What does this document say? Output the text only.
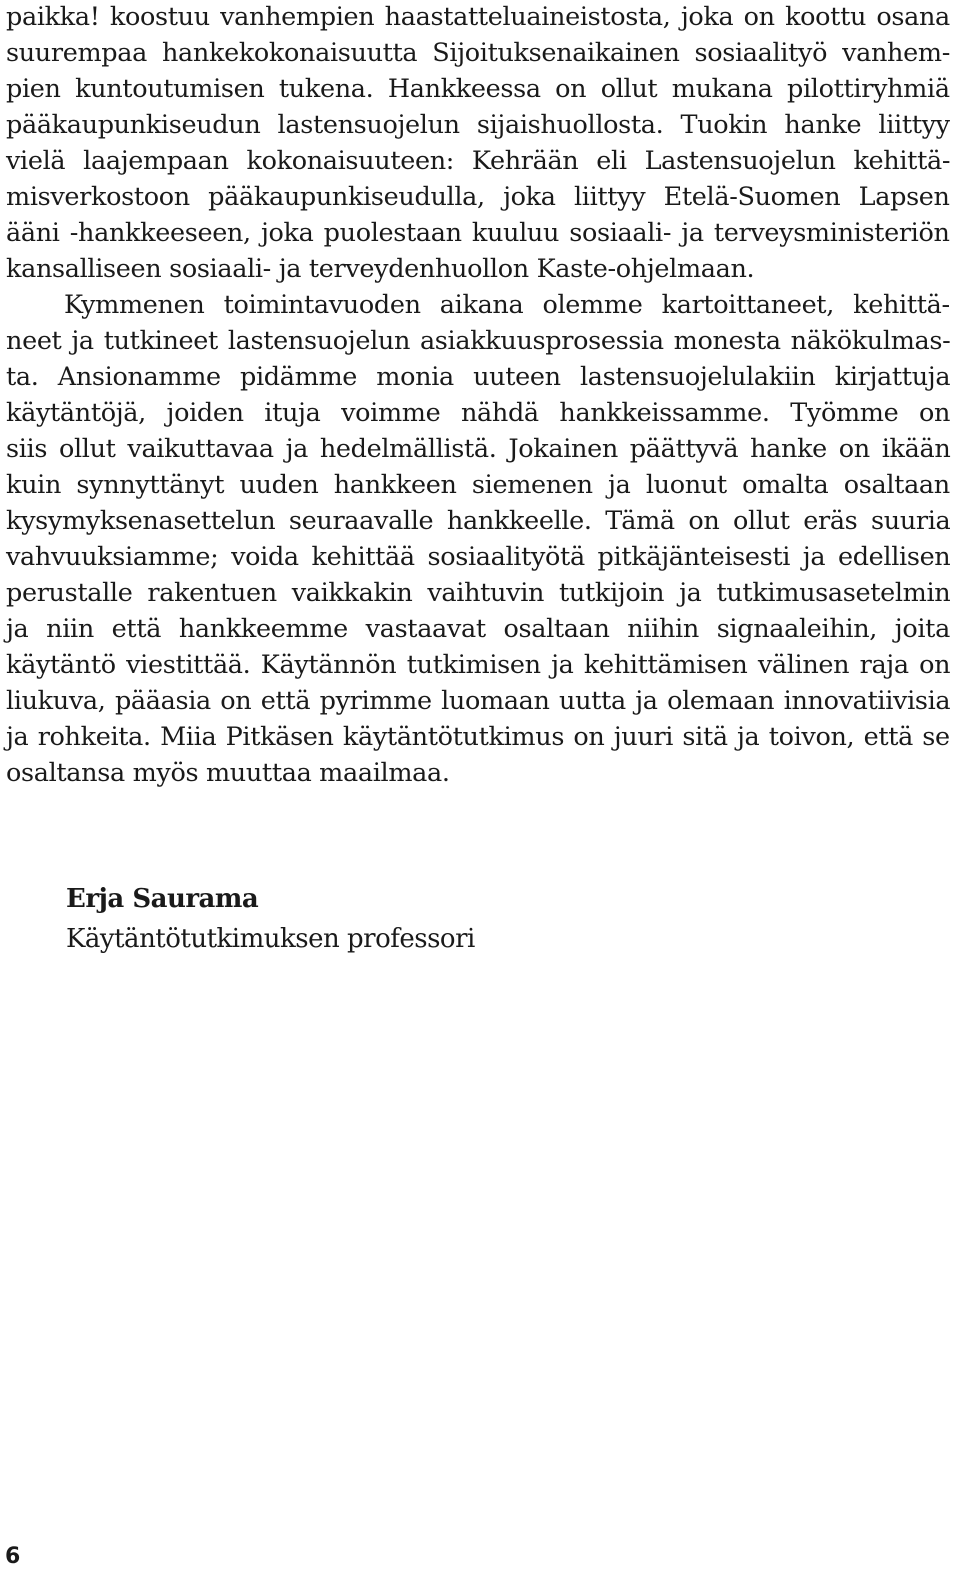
paikka! koostuu vanhempien haastatteluaineistosta, joka on koottu osana
suurempaa hankekokonaisuutta Sijoituksenaikainen sosiaalityö vanhem-
pien kuntoutumisen tukena. Hankkeessa on ollut mukana pilottiryhmiä
pääkaupunkiseudun lastensuojelun sijaishuollosta. Tuokin hanke liittyy
vielä laajempaan kokonaisuuteen: Kehrään eli Lastensuojelun kehittä-
misverkostoon pääkaupunkiseudulla, joka liittyy Etelä-Suomen Lapsen
ääni -hankkeeseen, joka puolestaan kuuluu sosiaali- ja terveysministeriön
kansalliseen sosiaali- ja terveydenhuollon Kaste-ohjelmaan.
Kymmenen toimintavuoden aikana olemme kartoittaneet, kehittä-
neet ja tutkineet lastensuojelun asiakkuusprosessia monesta näkökulmas-
ta. Ansionamme pidämme monia uuteen lastensuojelulakiin kirjattuja
käytäntöjä, joiden ituja voimme nähdä hankkeissamme. Työmme on
siis ollut vaikuttavaa ja hedelmällistä. Jokainen päättyvä hanke on ikään
kuin synnyttänyt uuden hankkeen siemenen ja luonut omalta osaltaan
kysymyksenasettelun seuraavalle hankkeelle. Tämä on ollut eräs suuria
vahvuuksiamme; voida kehittää sosiaalityötä pitkäjänteisesti ja edellisen
perustalle rakentuen vaikkakin vaihtuvin tutkijoin ja tutkimusasetelmin
ja niin että hankkeemme vastaavat osaltaan niihin signaaleihin, joita
käytäntö viestittää. Käytännön tutkimisen ja kehittämisen välinen raja on
liukuva, pääasia on että pyrimme luomaan uutta ja olemaan innovatiivisia
ja rohkeita. Miia Pitkäsen käytäntötutkimus on juuri sitä ja toivon, että se
osaltansa myös muuttaa maailmaa.
Erja Saurama
Käytäntötutkimuksen professori
6
